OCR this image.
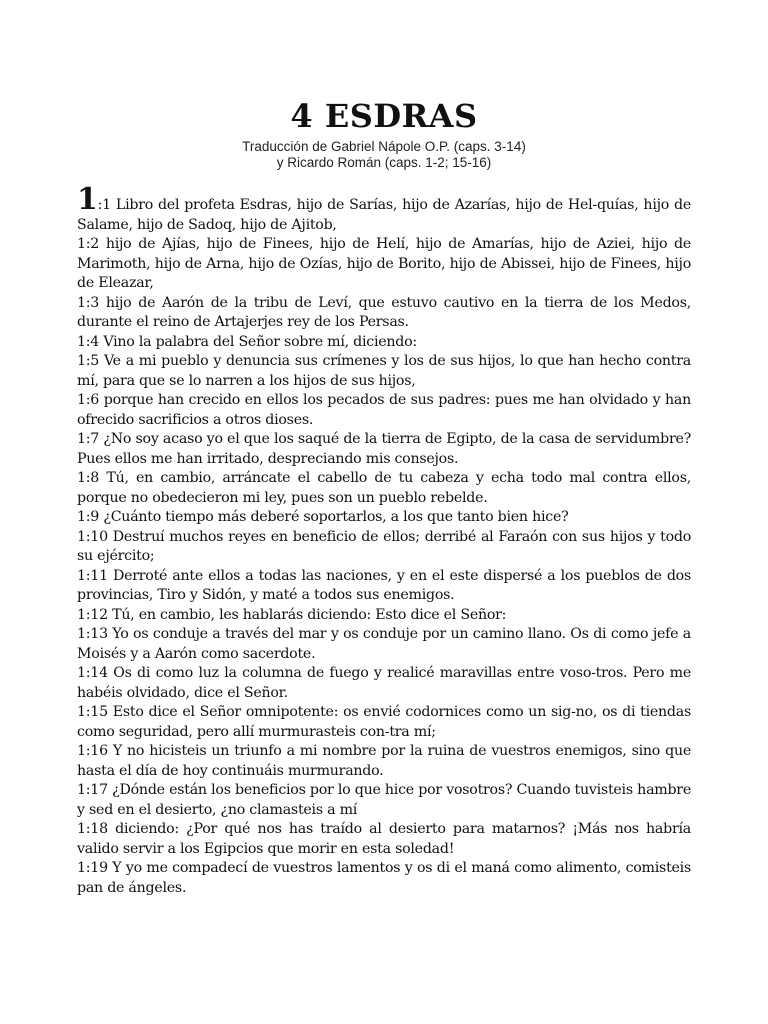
4 ESDRAS
Traducción de Gabriel Nápole O.P. (caps. 3-14)
y Ricardo Román (caps. 1-2; 15-16)

1:1 Libro del profeta Esdras, hijo de Sarías, hijo de Azarías, hijo de Hel-quías, hijo de Salame, hijo de Sadoq, hijo de Ajitob,

1:2 hijo de Ajías, hijo de Finees, hijo de Helí, hijo de Amarías, hijo de Aziei, hijo de Marimoth, hijo de Arna, hijo de Ozías, hijo de Borito, hijo de Abissei, hijo de Finees, hijo de Eleazar,

1:3 hijo de Aarón de la tribu de Leví, que estuvo cautivo en la tierra de los Medos, durante el reino de Artajerjes rey de los Persas.

1:4 Vino la palabra del Señor sobre mí, diciendo:

1:5 Ve a mi pueblo y denuncia sus crímenes y los de sus hijos, lo que han hecho contra mí, para que se lo narren a los hijos de sus hijos,

1:6 porque han crecido en ellos los pecados de sus padres: pues me han olvidado y han ofrecido sacrificios a otros dioses.

1:7 ¿No soy acaso yo el que los saqué de la tierra de Egipto, de la casa de servidumbre? Pues ellos me han irritado, despreciando mis consejos.

1:8 Tú, en cambio, arráncate el cabello de tu cabeza y echa todo mal contra ellos, porque no obedecieron mi ley, pues son un pueblo rebelde.

1:9 ¿Cuánto tiempo más deberé soportarlos, a los que tanto bien hice?

1:10 Destruí muchos reyes en beneficio de ellos; derribé al Faraón con sus hijos y todo su ejército;

1:11 Derroté ante ellos a todas las naciones, y en el este dispersé a los pueblos de dos provincias, Tiro y Sidón, y maté a todos sus enemigos.

1:12 Tú, en cambio, les hablarás diciendo: Esto dice el Señor:

1:13 Yo os conduje a través del mar y os conduje por un camino llano. Os di como jefe a Moisés y a Aarón como sacerdote.

1:14 Os di como luz la columna de fuego y realicé maravillas entre voso-tros. Pero me habéis olvidado, dice el Señor.

1:15 Esto dice el Señor omnipotente: os envié codornices como un sig-no, os di tiendas como seguridad, pero allí murmurasteis con-tra mí;

1:16 Y no hicisteis un triunfo a mi nombre por la ruina de vuestros enemigos, sino que hasta el día de hoy continuáis murmurando.

1:17 ¿Dónde están los beneficios por lo que hice por vosotros? Cuando tuvisteis hambre y sed en el desierto, ¿no clamasteis a mí

1:18 diciendo: ¿Por qué nos has traído al desierto para matarnos? ¡Más nos habría valido servir a los Egipcios que morir en esta soledad!

1:19 Y yo me compadecí de vuestros lamentos y os di el maná como alimento, comisteis pan de ángeles.
